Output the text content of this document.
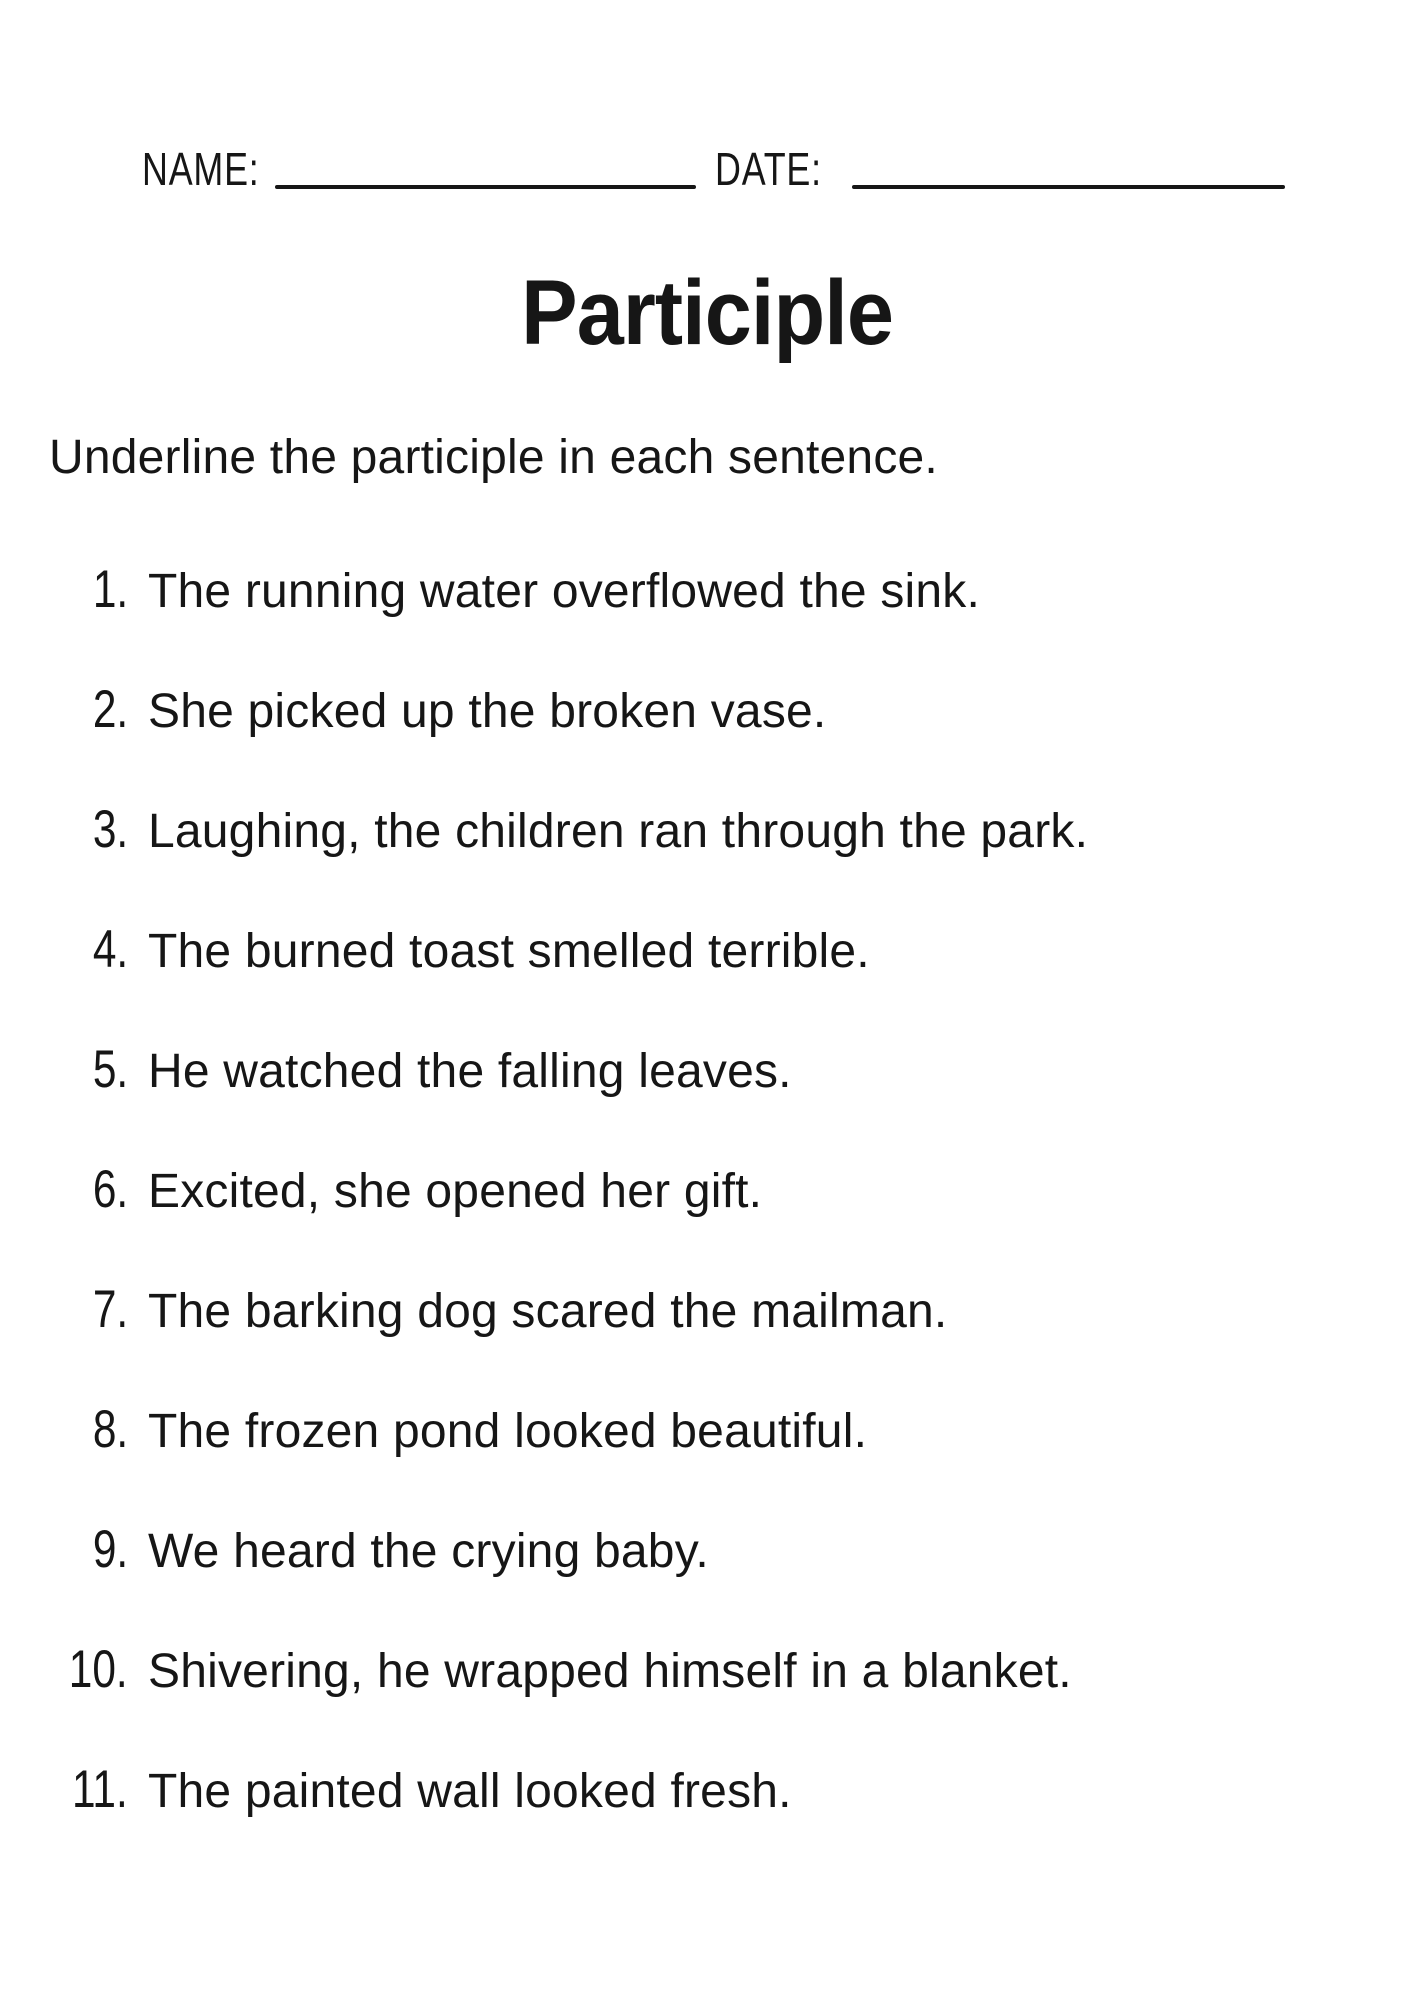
NAME:	DATE:
Participle
Underline the participle in each sentence.
1. The running water overflowed the sink.
2. She picked up the broken vase.
3. Laughing, the children ran through the park.
4. The burned toast smelled terrible.
5. He watched the falling leaves.
6. Excited, she opened her gift.
7. The barking dog scared the mailman.
8. The frozen pond looked beautiful.
9. We heard the crying baby.
10. Shivering, he wrapped himself in a blanket.
11. The painted wall looked fresh.
